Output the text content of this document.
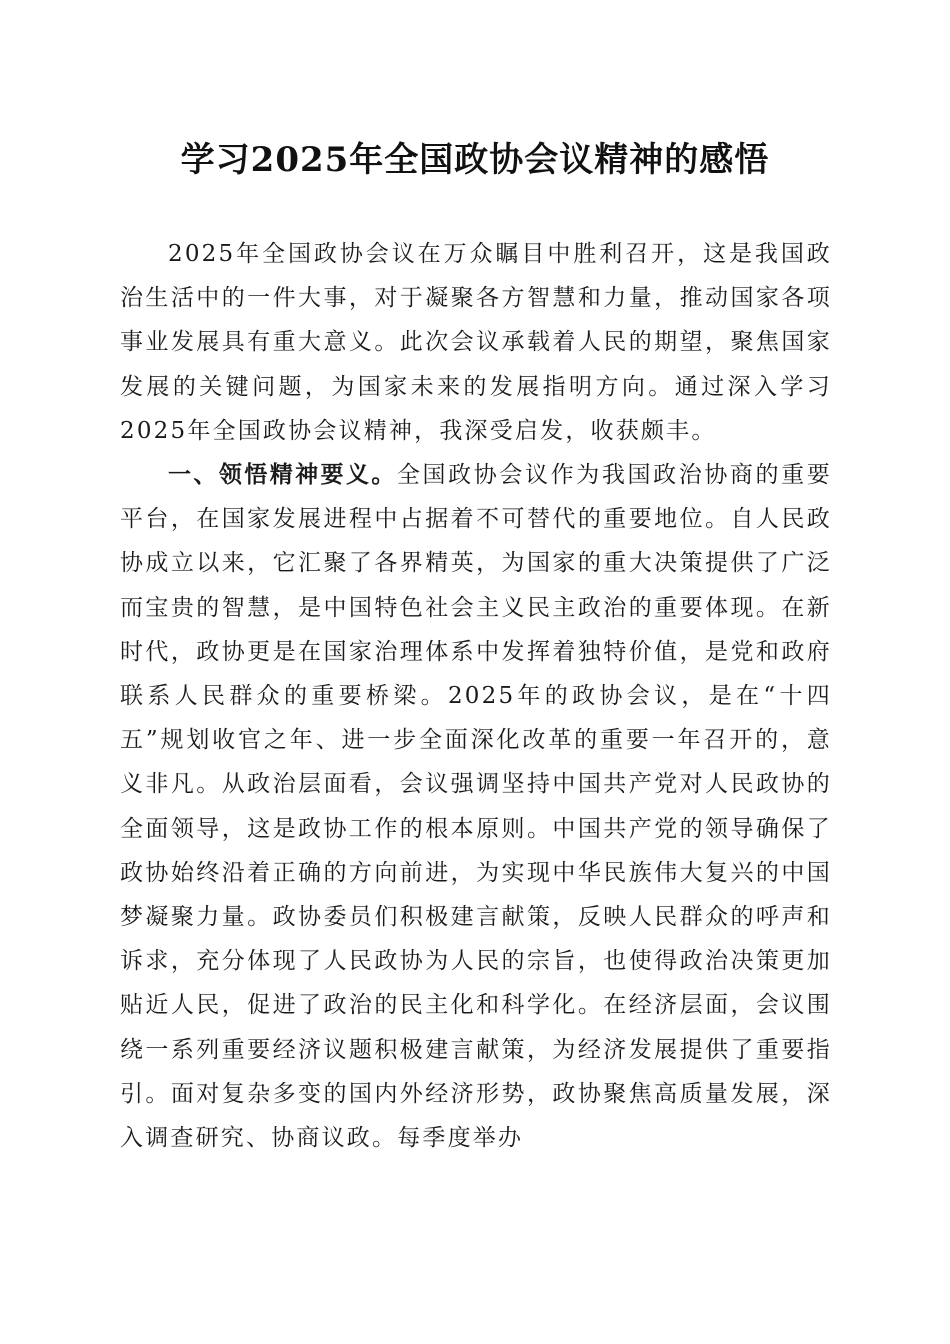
学习2025年全国政协会议精神的感悟

2025年全国政协会议在万众瞩目中胜利召开，这是我国政治生活中的一件大事，对于凝聚各方智慧和力量，推动国家各项事业发展具有重大意义。此次会议承载着人民的期望，聚焦国家发展的关键问题，为国家未来的发展指明方向。通过深入学习2025年全国政协会议精神，我深受启发，收获颇丰。

一、领悟精神要义。全国政协会议作为我国政治协商的重要平台，在国家发展进程中占据着不可替代的重要地位。自人民政协成立以来，它汇聚了各界精英，为国家的重大决策提供了广泛而宝贵的智慧，是中国特色社会主义民主政治的重要体现。在新时代，政协更是在国家治理体系中发挥着独特价值，是党和政府联系人民群众的重要桥梁。2025年的政协会议，是在“十四五”规划收官之年、进一步全面深化改革的重要一年召开的，意义非凡。从政治层面看，会议强调坚持中国共产党对人民政协的全面领导，这是政协工作的根本原则。中国共产党的领导确保了政协始终沿着正确的方向前进，为实现中华民族伟大复兴的中国梦凝聚力量。政协委员们积极建言献策，反映人民群众的呼声和诉求，充分体现了人民政协为人民的宗旨，也使得政治决策更加贴近人民，促进了政治的民主化和科学化。在经济层面，会议围绕一系列重要经济议题积极建言献策，为经济发展提供了重要指引。面对复杂多变的国内外经济形势，政协聚焦高质量发展，深入调查研究、协商议政。每季度举办
